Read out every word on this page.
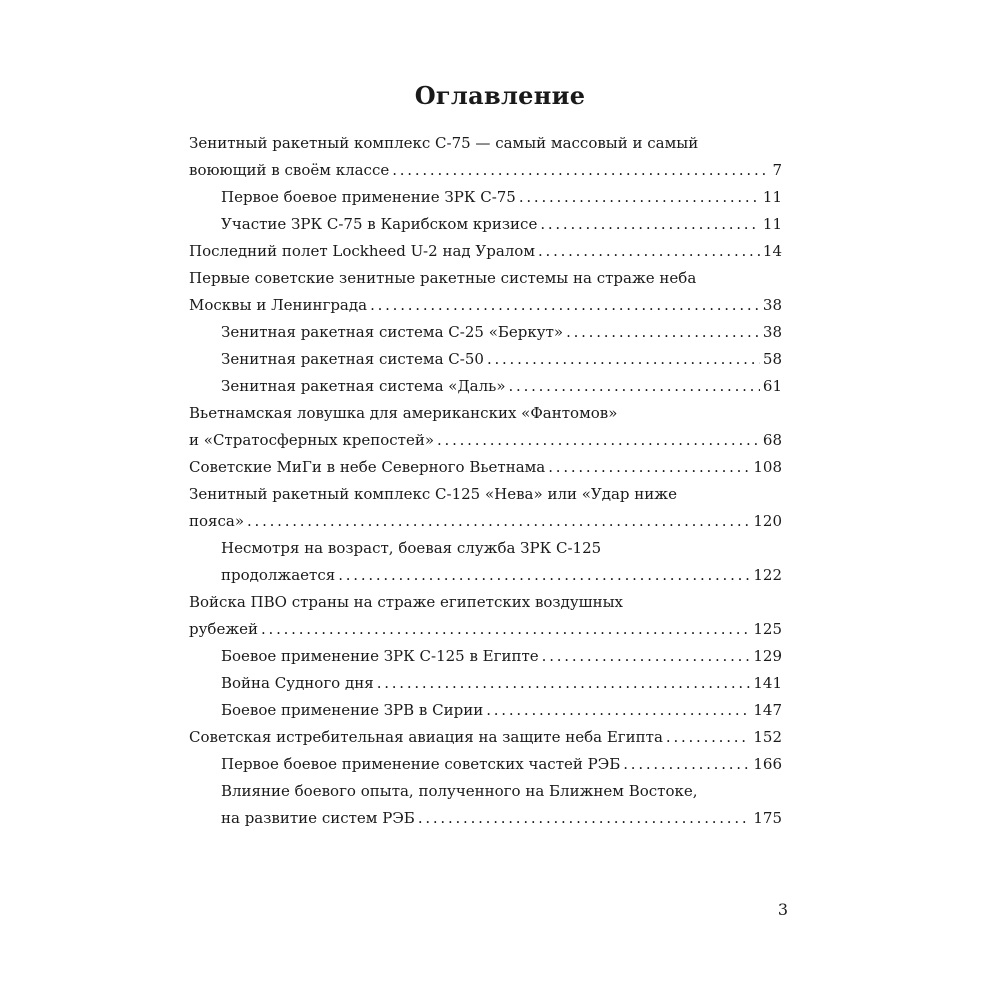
Оглавление
Зенитный ракетный комплекс С-75 — самый массовый и самый
воюющий в своём классе . . .	7
Первое боевое применение ЗРК С-75 . . .	11
Участие ЗРК С-75 в Карибском кризисе . . .	11
Последний полет Lockheed U-2 над Уралом . . .	14
Первые советские зенитные ракетные системы на страже неба
Москвы и Ленинграда . . .	38
Зенитная ракетная система С-25 «Беркут» . . .	38
Зенитная ракетная система С-50 . . .	58
Зенитная ракетная система «Даль» . . .	61
Вьетнамская ловушка для американских «Фантомов»
и «Стратосферных крепостей» . . .	68
Советские МиГи в небе Северного Вьетнама . . .	108
Зенитный ракетный комплекс С-125 «Нева» или «Удар ниже
пояса» . . .	120
Несмотря на возраст, боевая служба ЗРК С-125
продолжается . . .	122
Войска ПВО страны на страже египетских воздушных
рубежей . . .	125
Боевое применение ЗРК С-125 в Египте . . .	129
Война Судного дня . . .	141
Боевое применение ЗРВ в Сирии . . .	147
Советская истребительная авиация на защите неба Египта . . .	152
Первое боевое применение советских частей РЭБ . . .	166
Влияние боевого опыта, полученного на Ближнем Востоке,
на развитие систем РЭБ . . .	175
3
